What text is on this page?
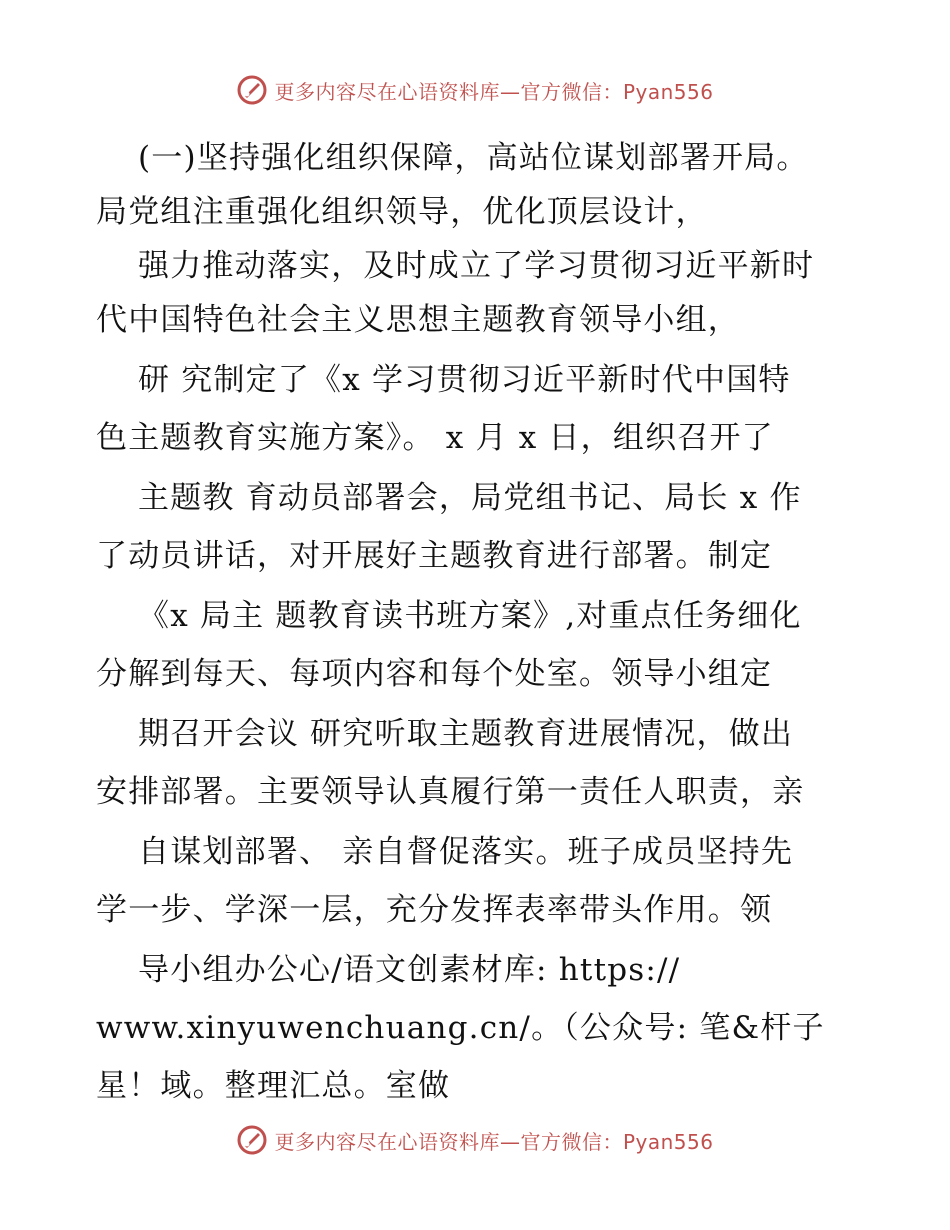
更多内容尽在心语资料库—官方微信：Pyan556
(一)坚持强化组织保障，高站位谋划部署开局。
局党组注重强化组织领导，优化顶层设计，
强力推动落实，及时成立了学习贯彻习近平新时
代中国特色社会主义思想主题教育领导小组，
研 究制定了《x 学习贯彻习近平新时代中国特
色主题教育实施方案》。 x 月 x 日，组织召开了
主题教 育动员部署会，局党组书记、局长 x 作
了动员讲话，对开展好主题教育进行部署。制定
《x 局主 题教育读书班方案》,对重点任务细化
分解到每天、每项内容和每个处室。领导小组定
期召开会议 研究听取主题教育进展情况，做出
安排部署。主要领导认真履行第一责任人职责，亲
自谋划部署、 亲自督促落实。班子成员坚持先
学一步、学深一层，充分发挥表率带头作用。领
导小组办公心/语文创素材库: https://
www.xinyuwenchuang.cn/。（公众号: 笔&杆子
星！域。整理汇总。室做
更多内容尽在心语资料库—官方微信：Pyan556
